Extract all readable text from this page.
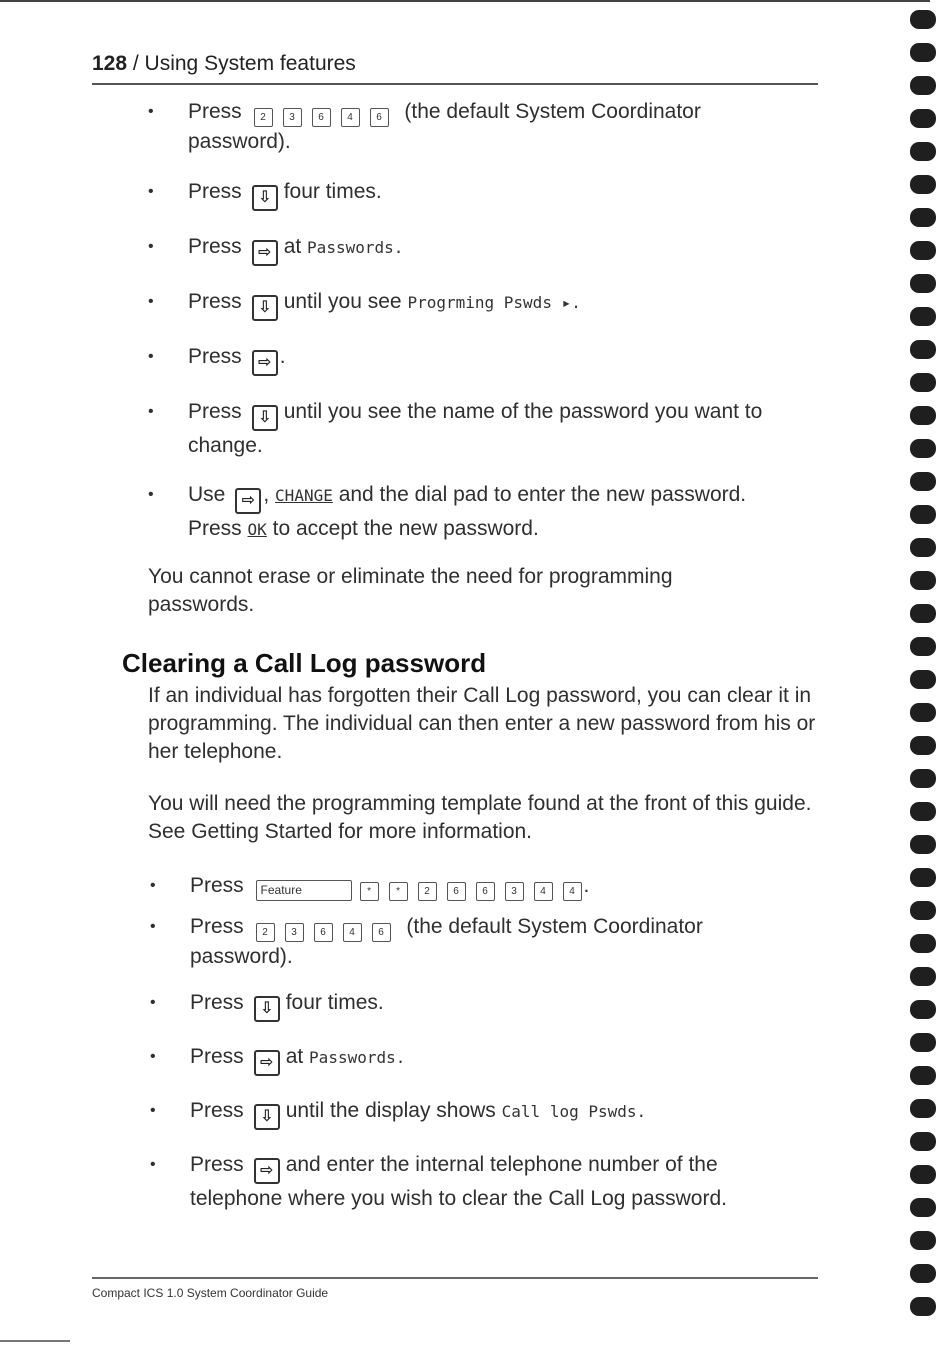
128 / Using System features
• Press 2 3 6 4 6 (the default System Coordinator
password).
• Press ⇩ four times.
• Press ⇨ at Passwords.
• Press ⇩ until you see Progrming Pswds ▸.
• Press ⇨ .
• Press ⇩ until you see the name of the password you want to
change.
• Use ⇨ , CHANGE and the dial pad to enter the new password.
Press OK to accept the new password.
You cannot erase or eliminate the need for programming passwords.
Clearing a Call Log password
If an individual has forgotten their Call Log password, you can clear it in programming. The individual can then enter a new password from his or her telephone.
You will need the programming template found at the front of this guide. See Getting Started for more information.
• Press Feature	*	* 2 6 6 3 4 4 .
• Press 2 3 6 4 6 (the default System Coordinator
password).
• Press ⇩ four times.
• Press ⇨ at Passwords.
• Press ⇩ until the display shows Call log Pswds.
• Press ⇨ and enter the internal telephone number of the
telephone where you wish to clear the Call Log password.
Compact ICS 1.0 System Coordinator Guide
